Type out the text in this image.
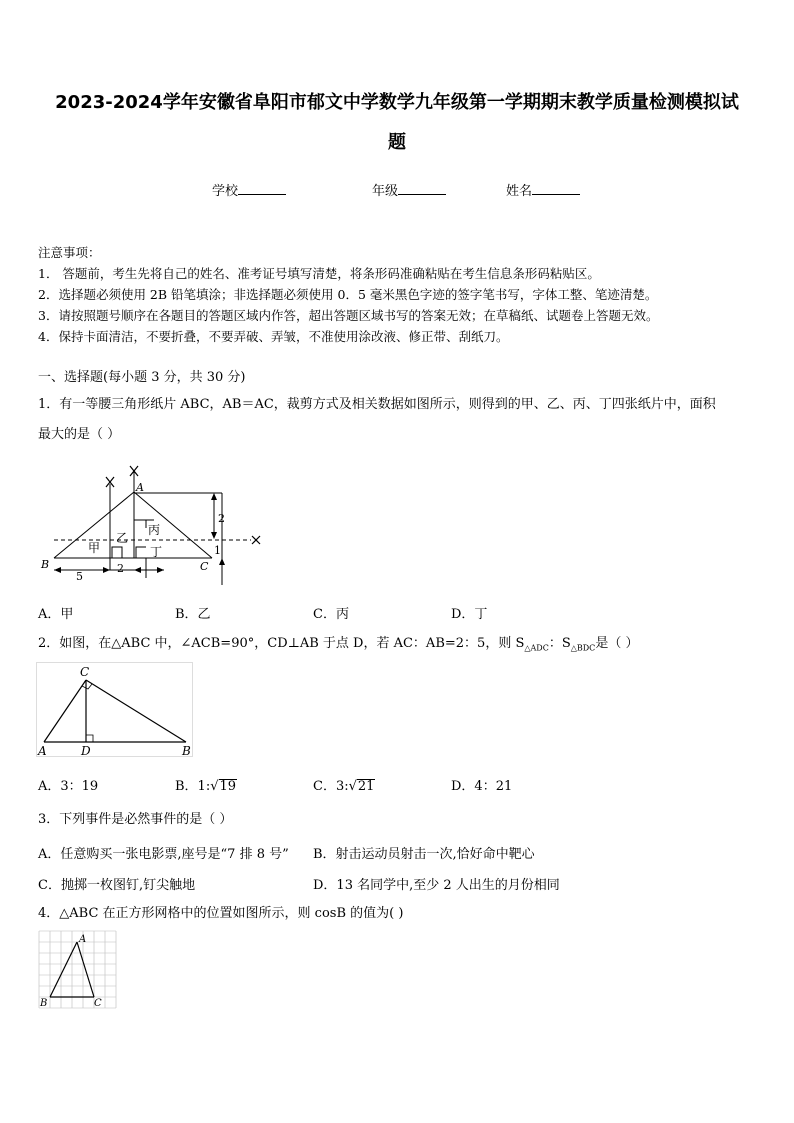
2023-2024学年安徽省阜阳市郁文中学数学九年级第一学期期末教学质量检测模拟试
题
学校	年级	姓名
注意事项：
1． 答题前，考生先将自己的姓名、准考证号填写清楚，将条形码准确粘贴在考生信息条形码粘贴区。
2．选择题必须使用 2B 铅笔填涂；非选择题必须使用 0．5 毫米黑色字迹的签字笔书写，字体工整、笔迹清楚。
3．请按照题号顺序在各题目的答题区域内作答，超出答题区域书写的答案无效；在草稿纸、试题卷上答题无效。
4．保持卡面清洁，不要折叠，不要弄破、弄皱，不准使用涂改液、修正带、刮纸刀。
一、选择题(每小题 3 分，共 30 分)
1．有一等腰三角形纸片 ABC，AB＝AC，裁剪方式及相关数据如图所示，则得到的甲、乙、丙、丁四张纸片中，面积
最大的是（ ）
A
B	C
甲
乙
丙
丁
2
1
5
2
A．甲	B．乙	C．丙	D．丁
2．如图，在△ABC 中，∠ACB=90°，CD⊥AB 于点 D，若 AC：AB=2：5，则 $S_{\triangle ADC}$：$S_{\triangle BDC}$是（ ）
C
A	D	B
A．3：19	B．1:√19	C．3:√21	D．4：21
3．下列事件是必然事件的是（ ）
A．任意购买一张电影票,座号是“7 排 8 号” B．射击运动员射击一次,恰好命中靶心
C．抛掷一枚图钉,钉尖触地	D．13 名同学中,至少 2 人出生的月份相同
4．△ABC 在正方形网格中的位置如图所示，则 cosB 的值为( )
A
B	C
